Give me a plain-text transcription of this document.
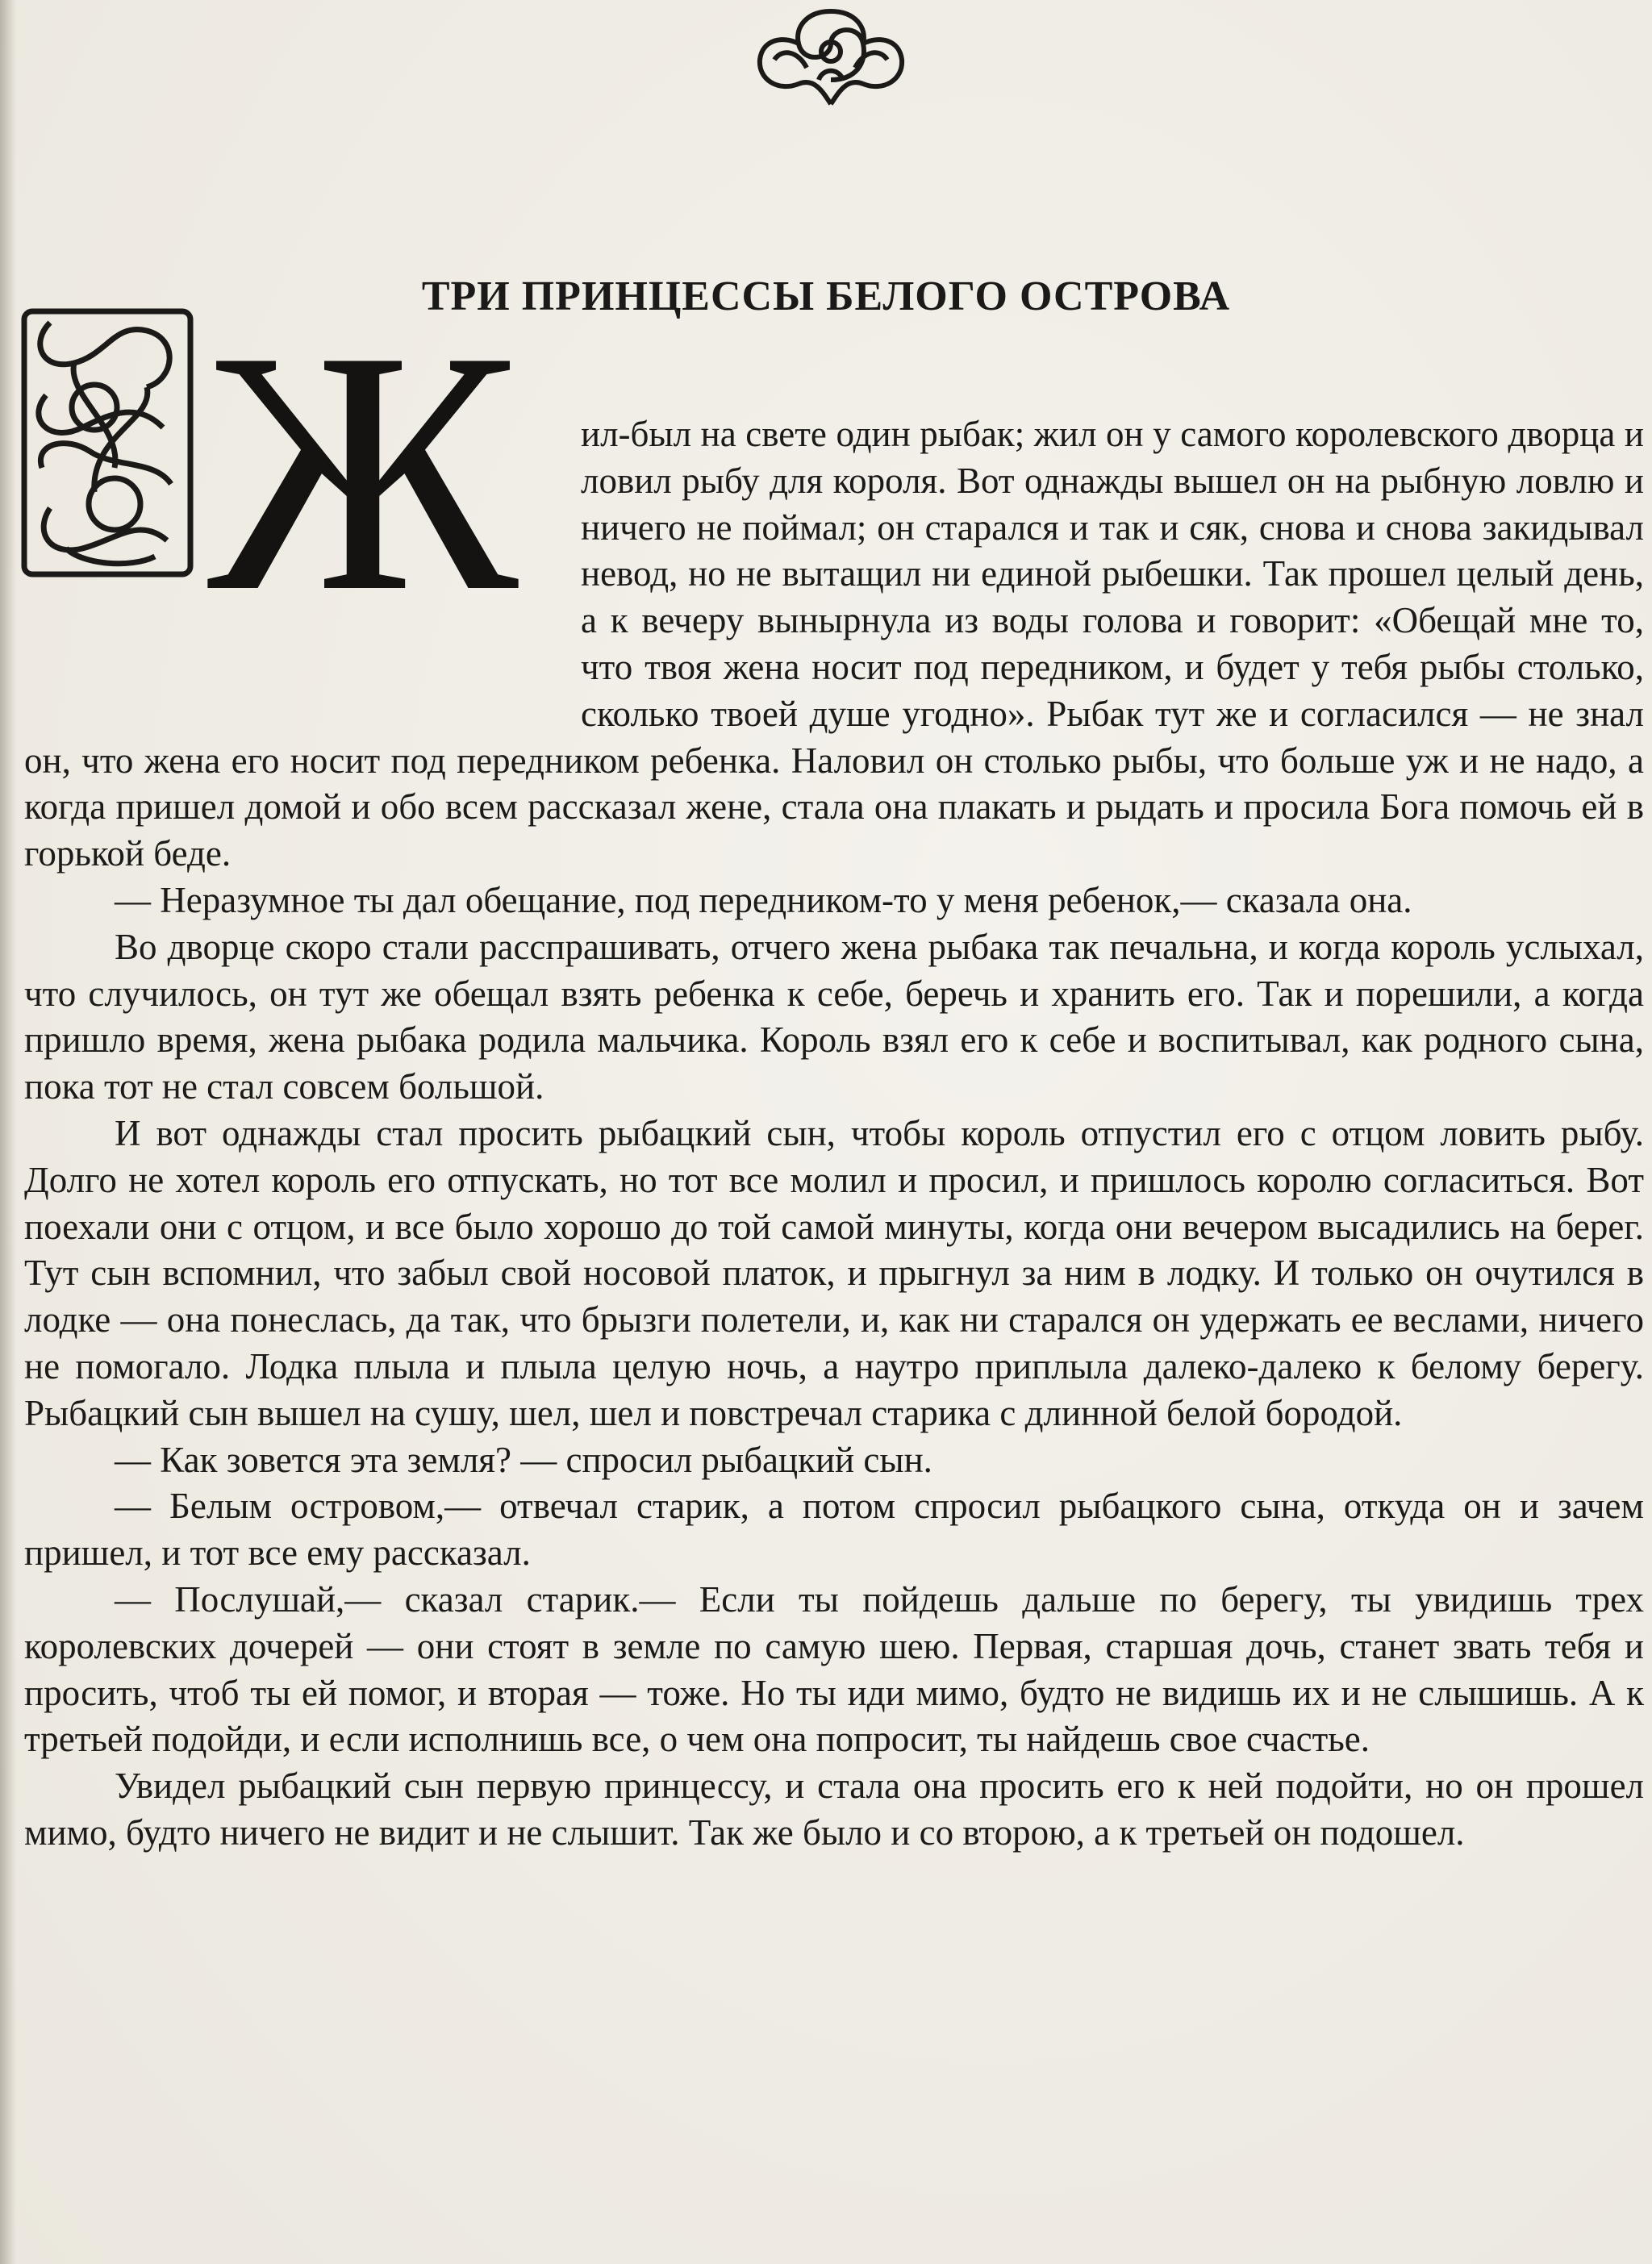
ТРИ ПРИНЦЕССЫ БЕЛОГО ОСТРОВА
Ж	ил-был на свете один рыбак; жил он у самого королевского дворца и ловил рыбу для короля. Вот однажды вышел он на рыбную ловлю и ничего не поймал; он старался и так и сяк, снова и снова закидывал невод, но не вытащил ни единой рыбешки. Так прошел целый день, а к вечеру вынырнула из воды голова и говорит: «Обещай мне то, что твоя жена носит под передником, и будет у тебя рыбы столько, сколько твоей душе угодно». Рыбак тут же и согласился — не знал он, что жена его носит под передником ребенка. Наловил он столько рыбы, что больше уж и не надо, а когда пришел домой и обо всем рассказал жене, стала она плакать и рыдать и просила Бога помочь ей в горькой беде.

— Неразумное ты дал обещание, под передником-то у меня ребенок,— сказала она.

Во дворце скоро стали расспрашивать, отчего жена рыбака так печальна, и когда король услыхал, что случилось, он тут же обещал взять ребенка к себе, беречь и хранить его. Так и порешили, а когда пришло время, жена рыбака родила мальчика. Король взял его к себе и воспитывал, как родного сына, пока тот не стал совсем большой.

И вот однажды стал просить рыбацкий сын, чтобы король отпустил его с отцом ловить рыбу. Долго не хотел король его отпускать, но тот все молил и просил, и пришлось королю согласиться. Вот поехали они с отцом, и все было хорошо до той самой минуты, когда они вечером высадились на берег. Тут сын вспомнил, что забыл свой носовой платок, и прыгнул за ним в лодку. И только он очутился в лодке — она понеслась, да так, что брызги полетели, и, как ни старался он удержать ее веслами, ничего не помогало. Лодка плыла и плыла целую ночь, а наутро приплыла далеко-далеко к белому берегу. Рыбацкий сын вышел на сушу, шел, шел и повстречал старика с длинной белой бородой.

— Как зовется эта земля? — спросил рыбацкий сын.

— Белым островом,— отвечал старик, а потом спросил рыбацкого сына, откуда он и зачем пришел, и тот все ему рассказал.

— Послушай,— сказал старик.— Если ты пойдешь дальше по берегу, ты увидишь трех королевских дочерей — они стоят в земле по самую шею. Первая, старшая дочь, станет звать тебя и просить, чтоб ты ей помог, и вторая — тоже. Но ты иди мимо, будто не видишь их и не слышишь. А к третьей подойди, и если исполнишь все, о чем она попросит, ты найдешь свое счастье.

Увидел рыбацкий сын первую принцессу, и стала она просить его к ней подойти, но он прошел мимо, будто ничего не видит и не слышит. Так же было и со второю, а к третьей он подошел.
